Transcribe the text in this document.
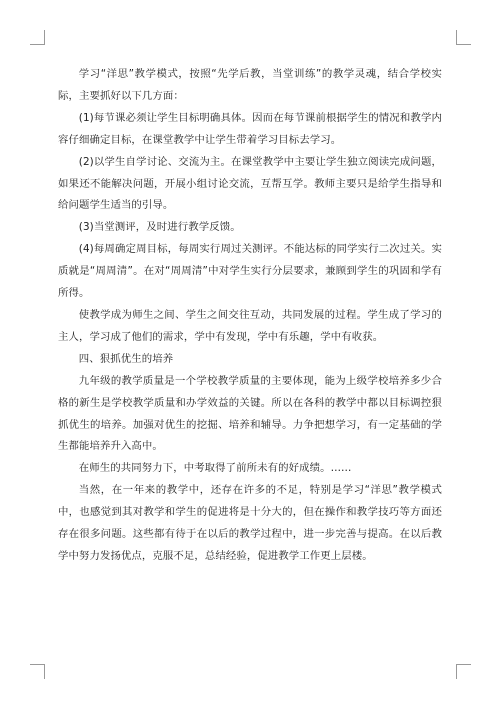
学习“洋思”教学模式，按照“先学后教，当堂训练”的教学灵魂，结合学校实际，主要抓好以下几方面：

(1)每节课必须让学生目标明确具体。因而在每节课前根据学生的情况和教学内容仔细确定目标，在课堂教学中让学生带着学习目标去学习。

(2)以学生自学讨论、交流为主。在课堂教学中主要让学生独立阅读完成问题，如果还不能解决问题，开展小组讨论交流，互帮互学。教师主要只是给学生指导和给问题学生适当的引导。

(3)当堂测评，及时进行教学反馈。

(4)每周确定周目标，每周实行周过关测评。不能达标的同学实行二次过关。实质就是“周周清”。在对“周周清”中对学生实行分层要求，兼顾到学生的巩固和学有所得。

使教学成为师生之间、学生之间交往互动，共同发展的过程。学生成了学习的主人，学习成了他们的需求，学中有发现，学中有乐趣，学中有收获。

四、狠抓优生的培养

九年级的教学质量是一个学校教学质量的主要体现，能为上级学校培养多少合格的新生是学校教学质量和办学效益的关键。所以在各科的教学中都以目标调控狠抓优生的培养。加强对优生的挖掘、培养和辅导。力争把想学习，有一定基础的学生都能培养升入高中。

在师生的共同努力下，中考取得了前所未有的好成绩。……

当然，在一年来的教学中，还存在许多的不足，特别是学习“洋思”教学模式中，也感觉到其对教学和学生的促进将是十分大的，但在操作和教学技巧等方面还存在很多问题。这些都有待于在以后的教学过程中，进一步完善与提高。在以后教学中努力发扬优点，克服不足，总结经验，促进教学工作更上层楼。
